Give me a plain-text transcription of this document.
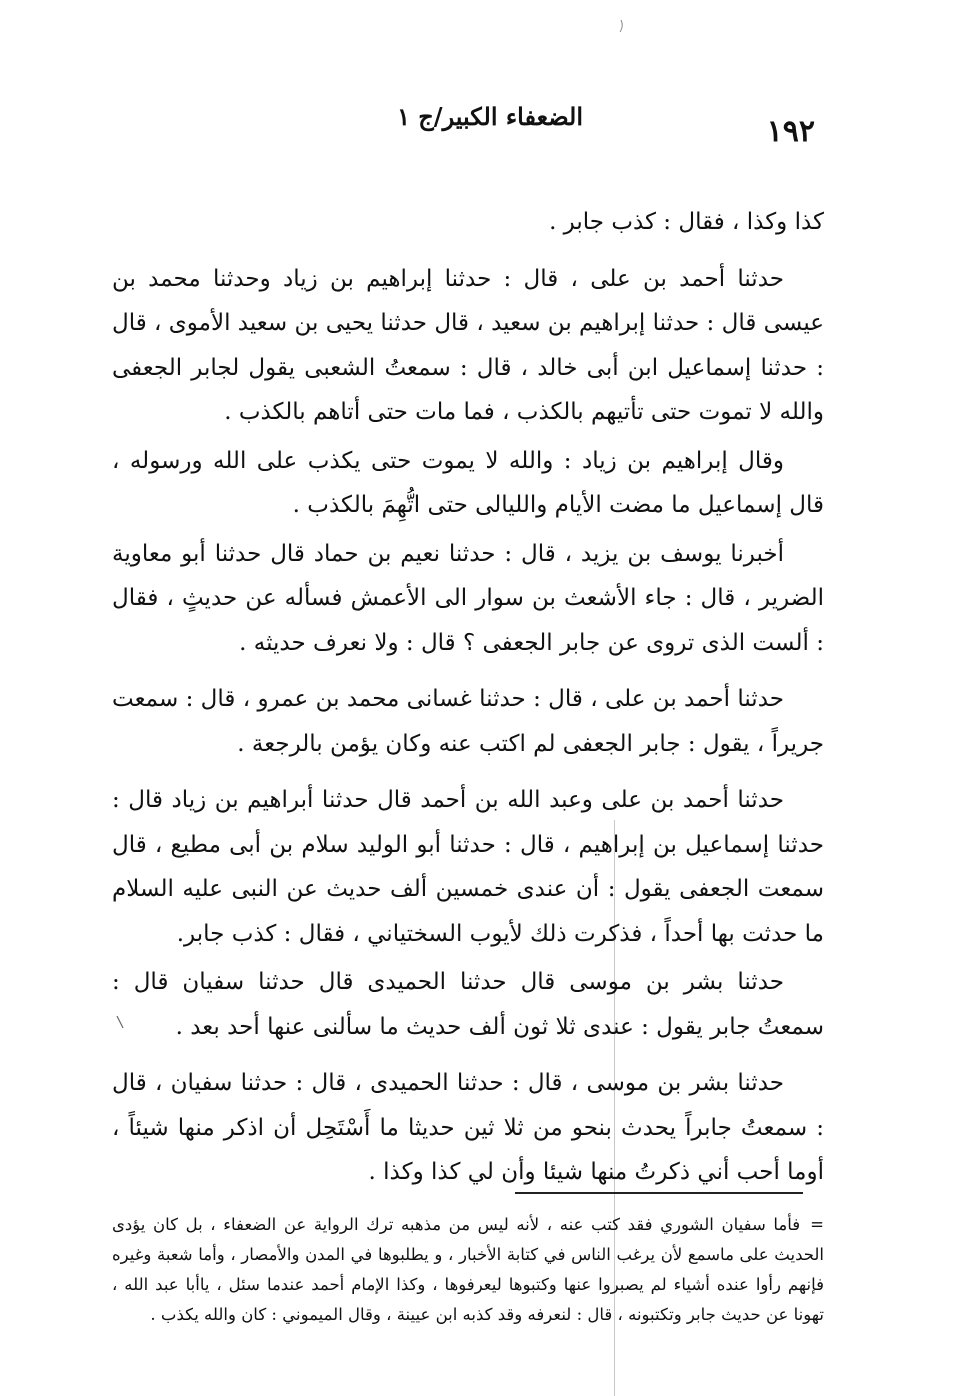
١٩٢
الضعفاء الكبير/ج ١

كذا وكذا ، فقال : كذب جابر .

حدثنا أحمد بن على ، قال : حدثنا إبراهيم بن زياد وحدثنا محمد بن عيسى قال : حدثنا إبراهيم بن سعيد ، قال حدثنا يحيى بن سعيد الأموى ، قال : حدثنا إسماعيل ابن أبى خالد ، قال : سمعتُ الشعبى يقول لجابر الجعفى والله لا تموت حتى تأتيهم بالكذب ، فما مات حتى أتاهم بالكذب .

وقال إبراهيم بن زياد : والله لا يموت حتى يكذب على الله ورسوله ، قال إسماعيل ما مضت الأيام والليالى حتى اتُّهِمَ بالكذب .

أخبرنا يوسف بن يزيد ، قال : حدثنا نعيم بن حماد قال حدثنا أبو معاوية الضرير ، قال : جاء الأشعث بن سوار الى الأعمش فسأله عن حديثٍ ، فقال : ألست الذى تروى عن جابر الجعفى ؟ قال : ولا نعرف حديثه .

حدثنا أحمد بن على ، قال : حدثنا غسانى محمد بن عمرو ، قال : سمعت جريراً ، يقول : جابر الجعفى لم اكتب عنه وكان يؤمن بالرجعة .

حدثنا أحمد بن على وعبد الله بن أحمد قال حدثنا أبراهيم بن زياد قال : حدثنا إسماعيل بن إبراهيم ، قال : حدثنا أبو الوليد سلام بن أبى مطيع ، قال سمعت الجعفى يقول : أن عندى خمسين ألف حديث عن النبى عليه السلام ما حدثت بها أحداً ، فذكرت ذلك لأيوب السختياني ، فقال : كذب جابر.

حدثنا بشر بن موسى قال حدثنا الحميدى قال حدثنا سفيان قال : سمعتُ جابر يقول : عندى ثلا ثون ألف حديث ما سألنى عنها أحد بعد .

حدثنا بشر بن موسى ، قال : حدثنا الحميدى ، قال : حدثنا سفيان ، قال : سمعتُ جابراً يحدث بنحو من ثلا ثين حديثا ما أَسْتَحِل أن اذكر منها شيئاً ، أوما أحب أني ذكرتُ منها شيئا وأن لي كذا وكذا .

=فأما سفيان الشوري فقد كتب عنه ، لأنه ليس من مذهبه ترك الرواية عن الضعفاء ، بل كان يؤدى الحديث على ماسمع لأن يرغب الناس في كتابة الأخبار ، و يطلبوها في المدن والأمصار ، وأما شعبة وغيره فإنهم رأوا عنده أشياء لم يصبروا عنها وكتبوها ليعرفوها ، وكذا الإمام أحمد عندما سئل ، ياأبا عبد الله ، تهونا عن حديث جابر وتكتبونه ، قال : لنعرفه وقد كذبه ابن عيينة ، وقال الميموني : كان والله يكذب .
